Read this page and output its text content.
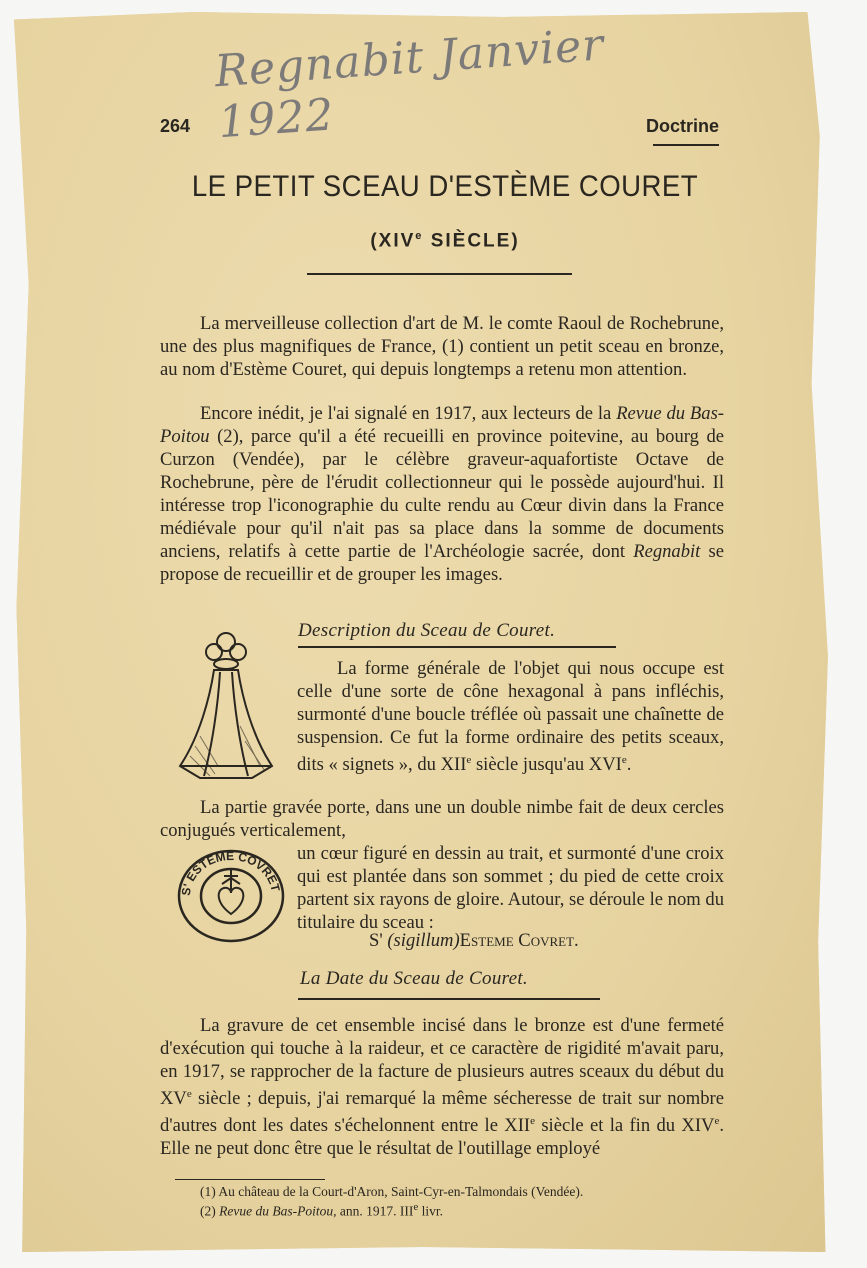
Regnabit Janvier 1922
264	Doctrine
LE PETIT SCEAU D'ESTÈME COURET
(XIVe SIÈCLE)

La merveilleuse collection d'art de M. le comte Raoul de Rochebrune, une des plus magnifiques de France, (1) contient un petit sceau en bronze, au nom d'Estème Couret, qui depuis longtemps a retenu mon attention.

Encore inédit, je l'ai signalé en 1917, aux lecteurs de la Revue du Bas-Poitou (2), parce qu'il a été recueilli en province poitevine, au bourg de Curzon (Vendée), par le célèbre graveur-aquafortiste Octave de Rochebrune, père de l'érudit collectionneur qui le possède aujourd'hui. Il intéresse trop l'iconographie du culte rendu au Cœur divin dans la France médiévale pour qu'il n'ait pas sa place dans la somme de documents anciens, relatifs à cette partie de l'Archéologie sacrée, dont Regnabit se propose de recueillir et de grouper les images.

Description du Sceau de Couret.

La forme générale de l'objet qui nous occupe est celle d'une sorte de cône hexagonal à pans infléchis, surmonté d'une boucle tréflée où passait une chaînette de suspension. Ce fut la forme ordinaire des petits sceaux, dits « signets », du XIIe siècle jusqu'au XVIe.

La partie gravée porte, dans une un double nimbe fait de deux cercles conjugués verticalement,

S' ESTEME COVRET

un cœur figuré en dessin au trait, et surmonté d'une croix qui est plantée dans son sommet ; du pied de cette croix partent six rayons de gloire. Autour, se déroule le nom du titulaire du sceau :

S' (sigillum)Esteme Covret.
La Date du Sceau de Couret.

La gravure de cet ensemble incisé dans le bronze est d'une fermeté d'exécution qui touche à la raideur, et ce caractère de rigidité m'avait paru, en 1917, se rapprocher de la facture de plusieurs autres sceaux du début du XVe siècle ; depuis, j'ai remarqué la même sécheresse de trait sur nombre d'autres dont les dates s'échelonnent entre le XIIe siècle et la fin du XIVe. Elle ne peut donc être que le résultat de l'outillage employé

(1) Au château de la Court-d'Aron, Saint-Cyr-en-Talmondais (Vendée).
(2) Revue du Bas-Poitou, ann. 1917. IIIe livr.
